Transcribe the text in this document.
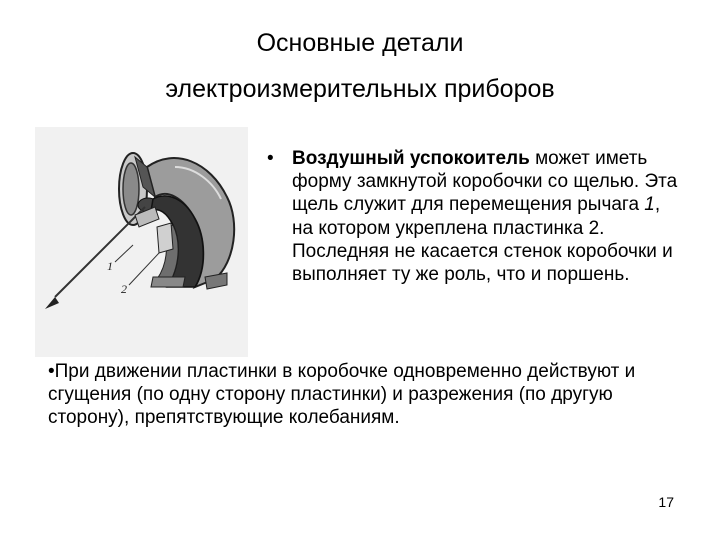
Основные детали
электроизмерительных приборов
1
2
• Воздушный успокоитель может иметь форму замкнутой коробочки со щелью. Эта щель служит для перемещения рычага 1, на котором укреплена пластинка 2. Последняя не касается стенок коробочки и выполняет ту же роль, что и поршень.
•При движении пластинки в коробочке одновременно действуют и сгущения (по одну сторону пластинки) и разрежения (по другую сторону), препятствующие колебаниям.
17
